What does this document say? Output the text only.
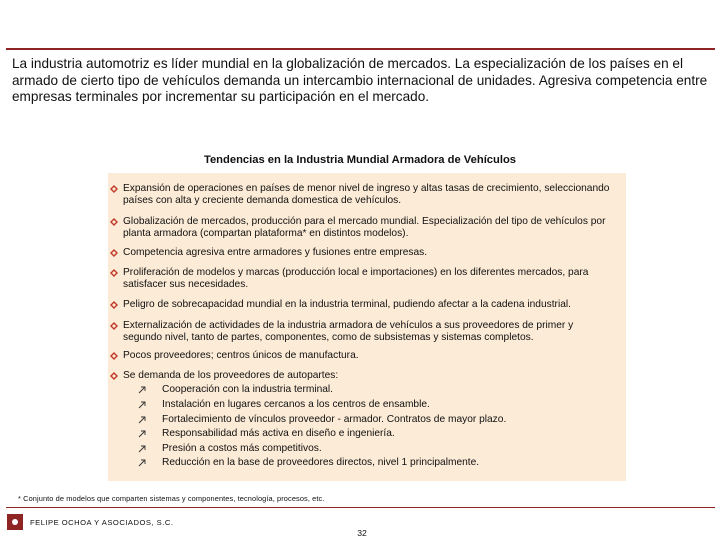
La industria automotriz es líder mundial en la globalización de mercados. La especialización de los países en el armado de cierto tipo de vehículos demanda un intercambio internacional de unidades. Agresiva competencia entre empresas terminales por incrementar su participación en el mercado.

Tendencias en la Industria Mundial Armadora de Vehículos
Expansión de operaciones en países de menor nivel de ingreso y altas tasas de crecimiento, seleccionando países con alta y creciente demanda domestica de vehículos.
Globalización de mercados, producción para el mercado mundial. Especialización del tipo de vehículos por planta armadora (compartan plataforma* en distintos modelos).
Competencia agresiva entre armadores y fusiones entre empresas.
Proliferación de modelos y marcas (producción local e importaciones) en los diferentes mercados, para satisfacer sus necesidades.
Peligro de sobrecapacidad mundial en la industria terminal, pudiendo afectar a la cadena industrial.
Externalización de actividades de la industria armadora de vehículos a sus proveedores de primer y segundo nivel, tanto de partes, componentes, como de subsistemas y sistemas completos.
Pocos proveedores; centros únicos de manufactura.
Se demanda de los proveedores de autopartes:
Cooperación con la industria terminal.
Instalación en lugares cercanos a los centros de ensamble.
Fortalecimiento de vínculos proveedor - armador. Contratos de mayor plazo.
Responsabilidad más activa en diseño e ingeniería.
Presión a costos más competitivos.
Reducción en la base de proveedores directos, nivel 1 principalmente.
* Conjunto de modelos que comparten sistemas y componentes, tecnología, procesos, etc.
FELIPE OCHOA Y ASOCIADOS, S.C.
32
